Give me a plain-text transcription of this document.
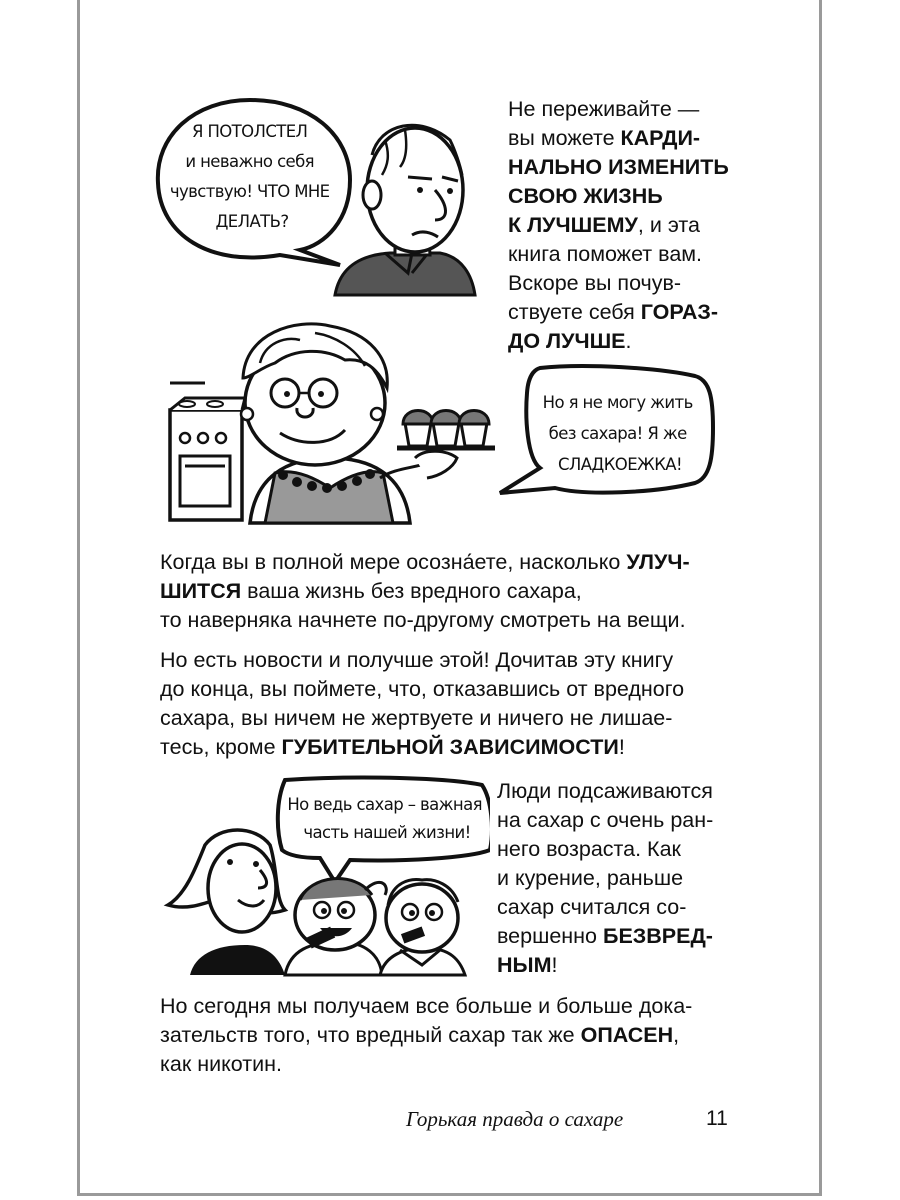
Я ПОТОЛСТЕЛ и неважно себя чувствую! ЧТО МНЕ ДЕЛАТЬ?
Не переживайте —
вы можете КАРДИ-
НАЛЬНО ИЗМЕНИТЬ
СВОЮ ЖИЗНЬ
К ЛУЧШЕМУ, и эта
книга поможет вам.
Вскоре вы почув-
ствуете себя ГОРАЗ-
ДО ЛУЧШЕ.
Но я не могу жить без сахара! Я же СЛАДКОЕЖКА!
Когда вы в полной мере осозна́ете, насколько УЛУЧ-
ШИТСЯ ваша жизнь без вредного сахара,
то наверняка начнете по-другому смотреть на вещи.
Но есть новости и получше этой! Дочитав эту книгу
до конца, вы поймете, что, отказавшись от вредного
сахара, вы ничем не жертвуете и ничего не лишае-
тесь, кроме ГУБИТЕЛЬНОЙ ЗАВИСИМОСТИ!
Но ведь сахар – важная часть нашей жизни!
Люди подсаживаются
на сахар с очень ран-
него возраста. Как
и курение, раньше
сахар считался со-
вершенно БЕЗВРЕД-
НЫМ!
Но сегодня мы получаем все больше и больше дока-
зательств того, что вредный сахар так же ОПАСЕН,
как никотин.
Горькая правда о сахаре	11
